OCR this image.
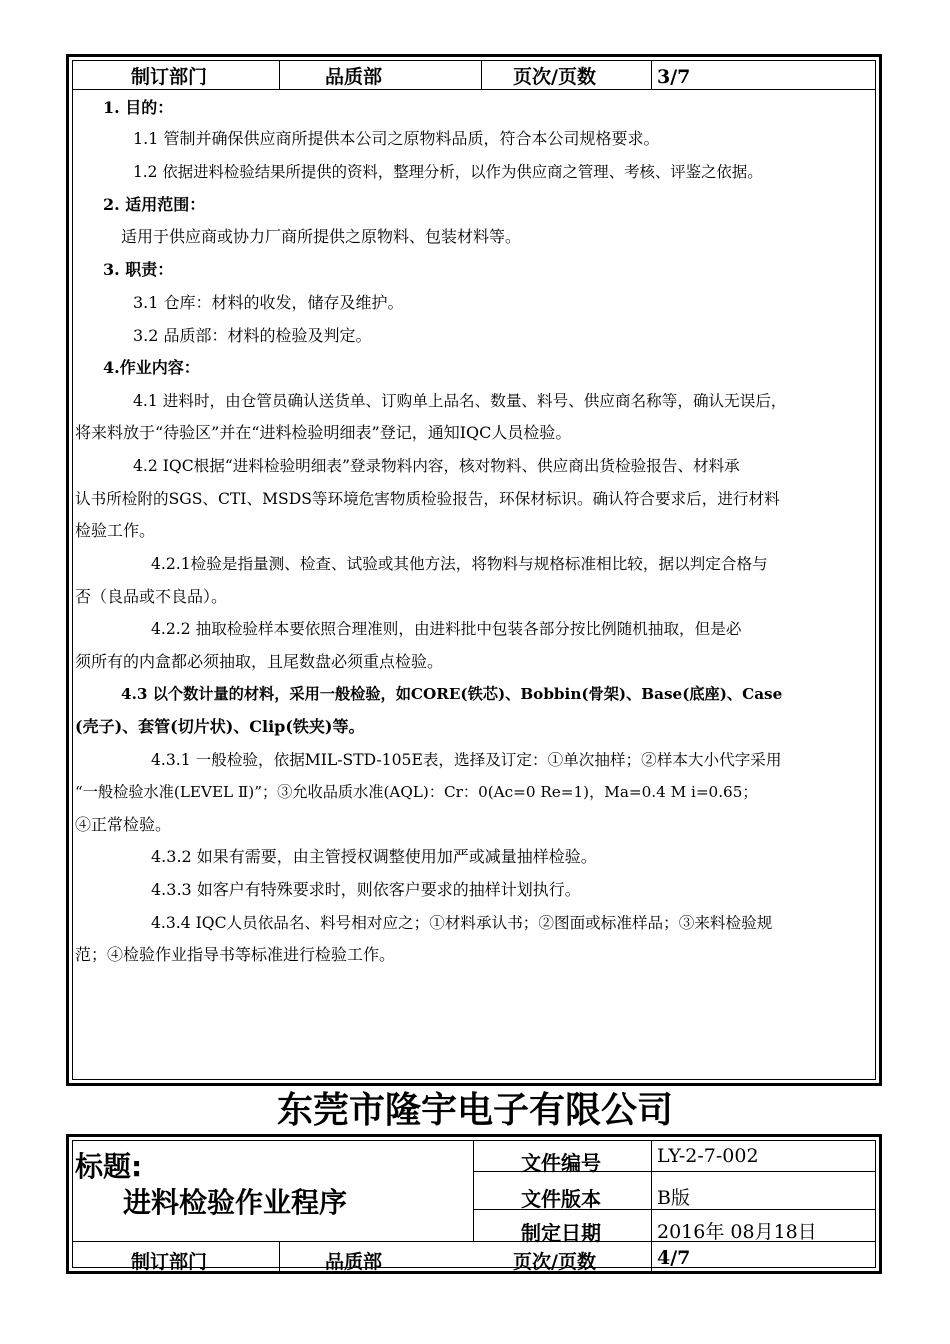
制订部门	品质部	页次/页数	3/7
1. 目的：
1.1 管制并确保供应商所提供本公司之原物料品质，符合本公司规格要求。
1.2 依据进料检验结果所提供的资料，整理分析，以作为供应商之管理、考核、评鉴之依据。
2. 适用范围：
适用于供应商或协力厂商所提供之原物料、包装材料等。
3. 职责：
3.1 仓库：材料的收发，储存及维护。
3.2 品质部：材料的检验及判定。
4.作业内容：
4.1 进料时，由仓管员确认送货单、订购单上品名、数量、料号、供应商名称等，确认无误后，
将来料放于“待验区”并在“进料检验明细表”登记，通知IQC人员检验。
4.2 IQC根据“进料检验明细表”登录物料内容，核对物料、供应商出货检验报告、材料承
认书所检附的SGS、CTI、MSDS等环境危害物质检验报告，环保材标识。确认符合要求后，进行材料
检验工作。
4.2.1检验是指量测、检查、试验或其他方法，将物料与规格标准相比较，据以判定合格与
否（良品或不良品）。
4.2.2 抽取检验样本要依照合理准则，由进料批中包装各部分按比例随机抽取，但是必
须所有的内盒都必须抽取，且尾数盘必须重点检验。
4.3 以个数计量的材料，采用一般检验，如CORE(铁芯)、Bobbin(骨架)、Base(底座)、Case
(壳子)、套管(切片状)、Clip(铁夹)等。
4.3.1 一般检验，依据MIL-STD-105E表，选择及订定：①单次抽样；②样本大小代字采用
“一般检验水准(LEVEL Ⅱ)”；③允收品质水准(AQL)：Cr：0(Ac=0 Re=1)，Ma=0.4 M i=0.65；
④正常检验。
4.3.2 如果有需要，由主管授权调整使用加严或减量抽样检验。
4.3.3 如客户有特殊要求时，则依客户要求的抽样计划执行。
4.3.4 IQC人员依品名、料号相对应之；①材料承认书；②图面或标准样品；③来料检验规
范；④检验作业指导书等标准进行检验工作。
东莞市隆宇电子有限公司
标题:
进料检验作业程序
文件编号	LY-2-7-002
文件版本	B版
制定日期	2016年 08月18日
制订部门	品质部	页次/页数	4/7
